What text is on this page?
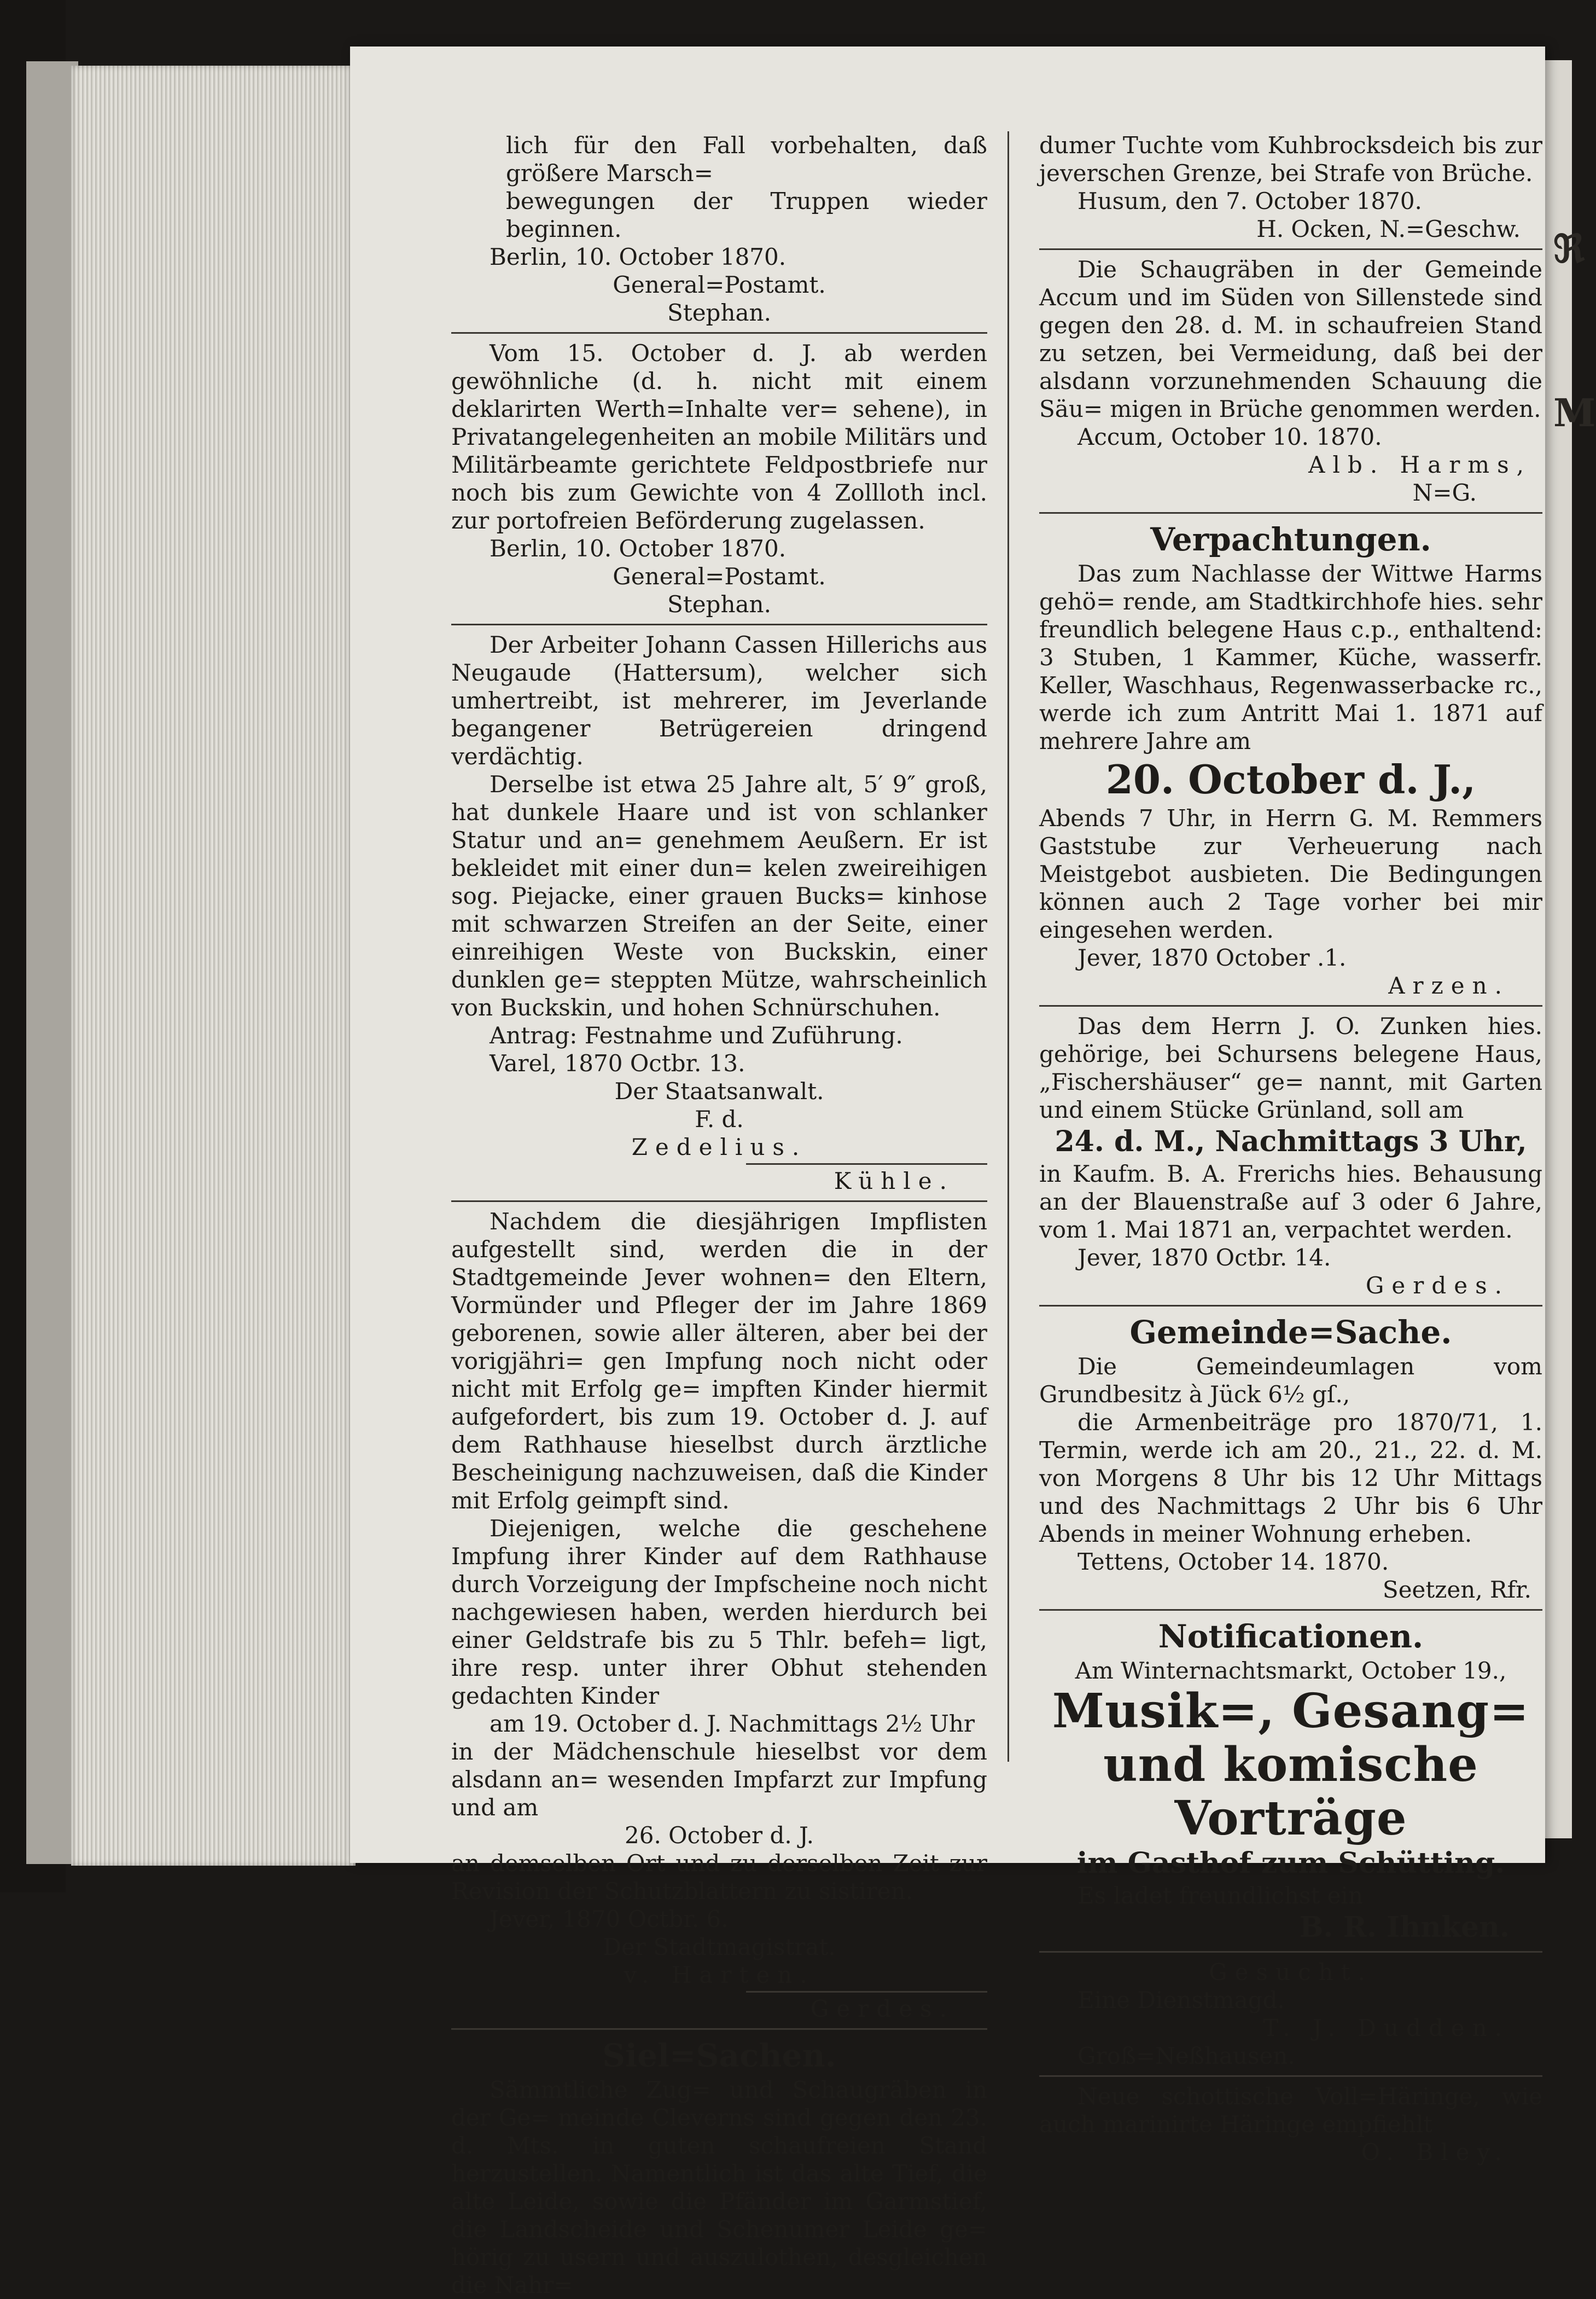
ℜ
M

lich für den Fall vorbehalten, daß größere Marsch=

bewegungen der Truppen wieder beginnen.

Berlin, 10. October 1870.

General=Postamt.

Stephan.

Vom 15. October d. J. ab werden gewöhnliche (d. h. nicht mit einem deklarirten Werth=Inhalte ver= sehene), in Privatangelegenheiten an mobile Militärs und Militärbeamte gerichtete Feldpostbriefe nur noch bis zum Gewichte von 4 Zollloth incl. zur portofreien Beförderung zugelassen.

Berlin, 10. October 1870.

General=Postamt.

Stephan.

Der Arbeiter Johann Cassen Hillerichs aus Neugaude (Hattersum), welcher sich umhertreibt, ist mehrerer, im Jeverlande begangener Betrügereien dringend verdächtig.

Derselbe ist etwa 25 Jahre alt, 5′ 9″ groß, hat dunkele Haare und ist von schlanker Statur und an= genehmem Aeußern. Er ist bekleidet mit einer dun= kelen zweireihigen sog. Piejacke, einer grauen Bucks= kinhose mit schwarzen Streifen an der Seite, einer einreihigen Weste von Buckskin, einer dunklen ge= steppten Mütze, wahrscheinlich von Buckskin, und hohen Schnürschuhen.

Antrag: Festnahme und Zuführung.

Varel, 1870 Octbr. 13.

Der Staatsanwalt.

F. d.

Zedelius.

Kühle.

Nachdem die diesjährigen Impflisten aufgestellt sind, werden die in der Stadtgemeinde Jever wohnen= den Eltern, Vormünder und Pfleger der im Jahre 1869 geborenen, sowie aller älteren, aber bei der vorigjähri= gen Impfung noch nicht oder nicht mit Erfolg ge= impften Kinder hiermit aufgefordert, bis zum 19. October d. J. auf dem Rathhause hieselbst durch ärztliche Bescheinigung nachzuweisen, daß die Kinder mit Erfolg geimpft sind.

Diejenigen, welche die geschehene Impfung ihrer Kinder auf dem Rathhause durch Vorzeigung der Impfscheine noch nicht nachgewiesen haben, werden hierdurch bei einer Geldstrafe bis zu 5 Thlr. befeh= ligt, ihre resp. unter ihrer Obhut stehenden gedachten Kinder

am 19. October d. J. Nachmittags 2½ Uhr

in der Mädchenschule hieselbst vor dem alsdann an= wesenden Impfarzt zur Impfung und am

26. October d. J.

an demselben Ort und zu derselben Zeit zur Revision der Schutzblattern zu sistiren.

Jever, 1870 Octbr. 6.

Der Stadtmagistrat.

v. Harten.

Gerdes.

Siel=Sachen.

Sämmtliche Zug= und Schaugräben in der Ge= meinde Cleverns sind gegen den 23. d. Mts. in guten schaufreien Stand herzustellen. Namentlich ist das alte Tief, die alte Leide, sowie die Pfänder im Garmstief, die Landscheide und Schenumer Leide ge= hörig zu usern und auszulothen, desgleichen die Nahr=

dumer Tuchte vom Kuhbrocksdeich bis zur jeverschen Grenze, bei Strafe von Brüche.

Husum, den 7. October 1870.

H. Ocken, N.=Geschw.

Die Schaugräben in der Gemeinde Accum und im Süden von Sillenstede sind gegen den 28. d. M. in schaufreien Stand zu setzen, bei Vermeidung, daß bei der alsdann vorzunehmenden Schauung die Säu= migen in Brüche genommen werden.

Accum, October 10. 1870.

Alb. Harms,

N=G.

Verpachtungen.

Das zum Nachlasse der Wittwe Harms gehö= rende, am Stadtkirchhofe hies. sehr freundlich belegene Haus c.p., enthaltend: 3 Stuben, 1 Kammer, Küche, wasserfr. Keller, Waschhaus, Regenwasserbacke rc., werde ich zum Antritt Mai 1. 1871 auf mehrere Jahre am

20. October d. J.,

Abends 7 Uhr, in Herrn G. M. Remmers Gaststube zur Verheuerung nach Meistgebot ausbieten. Die Bedingungen können auch 2 Tage vorher bei mir eingesehen werden.

Jever, 1870 October .1.

Arzen.

Das dem Herrn J. O. Zunken hies. gehörige, bei Schursens belegene Haus, „Fischershäuser“ ge= nannt, mit Garten und einem Stücke Grünland, soll am

24. d. M., Nachmittags 3 Uhr,

in Kaufm. B. A. Frerichs hies. Behausung an der Blauenstraße auf 3 oder 6 Jahre, vom 1. Mai 1871 an, verpachtet werden.

Jever, 1870 Octbr. 14.

Gerdes.

Gemeinde=Sache.

Die Gemeindeumlagen vom Grundbesitz à Jück 6½ gſ.,

die Armenbeiträge pro 1870/71, 1. Termin, werde ich am 20., 21., 22. d. M. von Morgens 8 Uhr bis 12 Uhr Mittags und des Nachmittags 2 Uhr bis 6 Uhr Abends in meiner Wohnung erheben.

Tettens, October 14. 1870.

Seetzen, Rfr.

Notificationen.

Am Winternachtsmarkt, October 19.,

Musik=, Gesang= und komische

Vorträge

im Gasthof zum Schütting.

Es ladet freundlichst ein

B. R. Ihnken.

Gesucht.

Eine Dienstmagd.

T. J. Dudden.

Groß=Neßhausen.

Neue schottische Voll=Häringe, wie auch marinirte Häringe empfiehlt

O. Bley.
